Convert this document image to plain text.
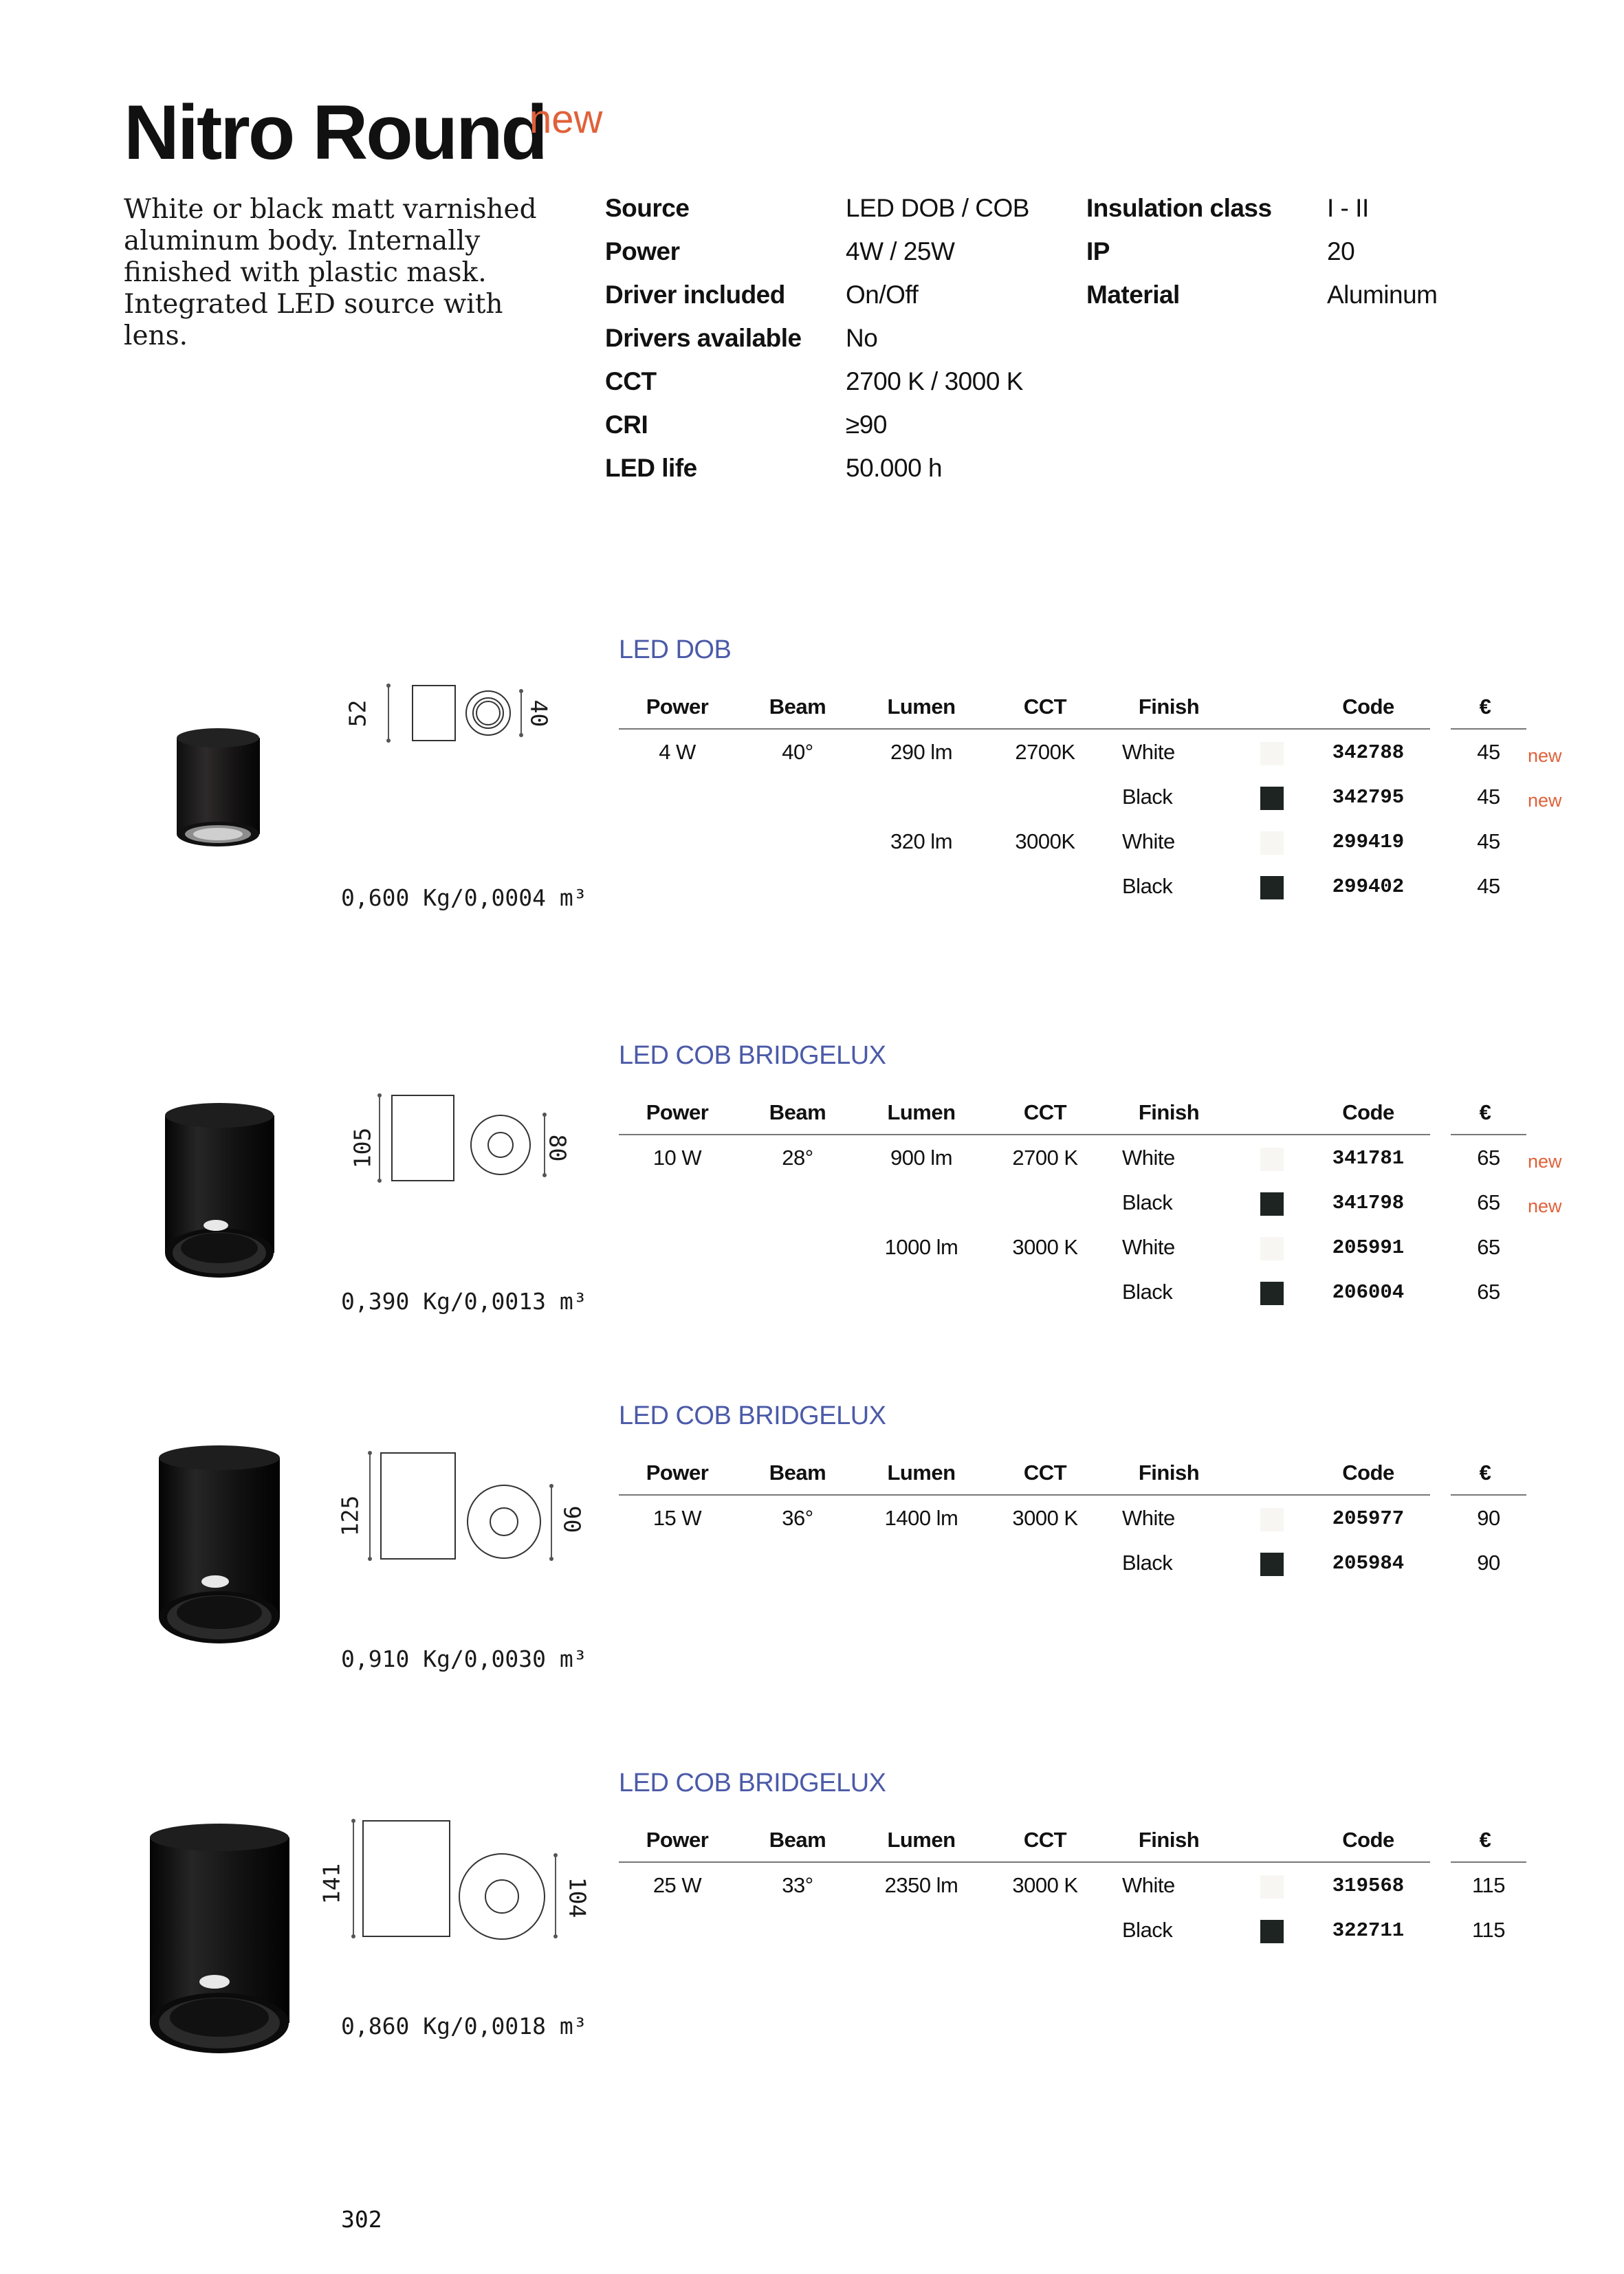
Nitro Round
new
White or black matt varnished aluminum body. Internally finished with plastic mask. Integrated LED source with lens.
Source	LED DOB / COB
Power	4W / 25W
Driver included On/Off
Drivers available No
CCT	2700 K / 3000 K
CRI	≥90
LED life	50.000 h
Insulation class I - II
IP	20
Material	Aluminum
LED DOB
52	40
0,600 Kg/0,0004 m³
Power	Beam	Lumen	CCT	Finish	Code	€
4 W	40°	290 lm	2700K	White	342788	45	new
Black	342795	45	new
320 lm	3000K	White	299419	45
Black	299402	45
LED COB BRIDGELUX
105	80
0,390 Kg/0,0013 m³
Power	Beam	Lumen	CCT	Finish	Code	€
10 W	28°	900 lm	2700 K	White	341781	65	new
Black	341798	65	new
1000 lm	3000 K	White	205991	65
Black	206004	65
LED COB BRIDGELUX
125	90
0,910 Kg/0,0030 m³
Power	Beam	Lumen	CCT	Finish	Code	€
15 W	36°	1400 lm	3000 K	White	205977	90
Black	205984	90
LED COB BRIDGELUX
141	104
0,860 Kg/0,0018 m³
Power	Beam	Lumen	CCT	Finish	Code	€
25 W	33°	2350 lm	3000 K	White	319568	115
Black	322711	115
302
